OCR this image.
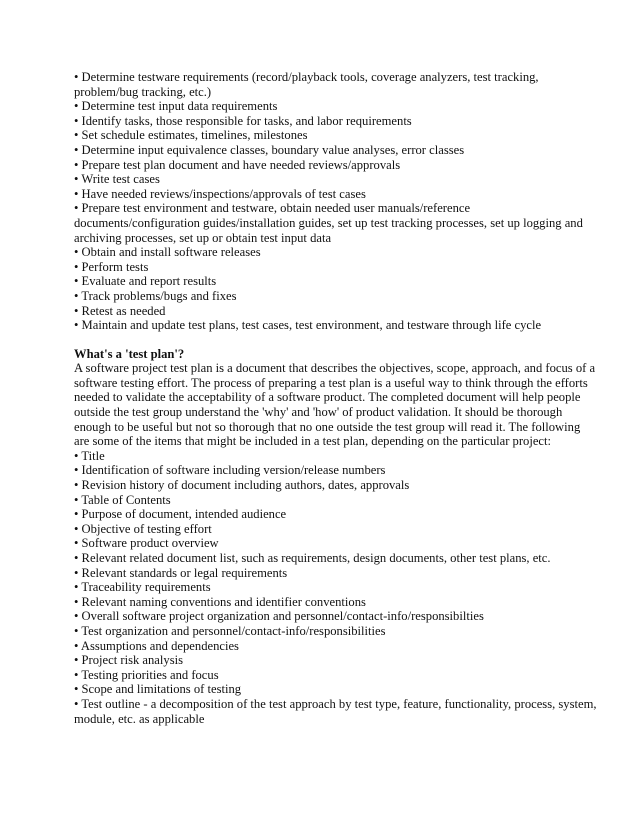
• Determine testware requirements (record/playback tools, coverage analyzers, test tracking, problem/bug tracking, etc.)
• Determine test input data requirements
• Identify tasks, those responsible for tasks, and labor requirements
• Set schedule estimates, timelines, milestones
• Determine input equivalence classes, boundary value analyses, error classes
• Prepare test plan document and have needed reviews/approvals
• Write test cases
• Have needed reviews/inspections/approvals of test cases
• Prepare test environment and testware, obtain needed user manuals/reference documents/configuration guides/installation guides, set up test tracking processes, set up logging and archiving processes, set up or obtain test input data
• Obtain and install software releases
• Perform tests
• Evaluate and report results
• Track problems/bugs and fixes
• Retest as needed
• Maintain and update test plans, test cases, test environment, and testware through life cycle
What's a 'test plan'?

A software project test plan is a document that describes the objectives, scope, approach, and focus of a software testing effort. The process of preparing a test plan is a useful way to think through the efforts needed to validate the acceptability of a software product. The completed document will help people outside the test group understand the 'why' and 'how' of product validation. It should be thorough enough to be useful but not so thorough that no one outside the test group will read it. The following are some of the items that might be included in a test plan, depending on the particular project:

• Title
• Identification of software including version/release numbers
• Revision history of document including authors, dates, approvals
• Table of Contents
• Purpose of document, intended audience
• Objective of testing effort
• Software product overview
• Relevant related document list, such as requirements, design documents, other test plans, etc.
• Relevant standards or legal requirements
• Traceability requirements
• Relevant naming conventions and identifier conventions
• Overall software project organization and personnel/contact-info/responsibilties
• Test organization and personnel/contact-info/responsibilities
• Assumptions and dependencies
• Project risk analysis
• Testing priorities and focus
• Scope and limitations of testing
• Test outline - a decomposition of the test approach by test type, feature, functionality, process, system, module, etc. as applicable
